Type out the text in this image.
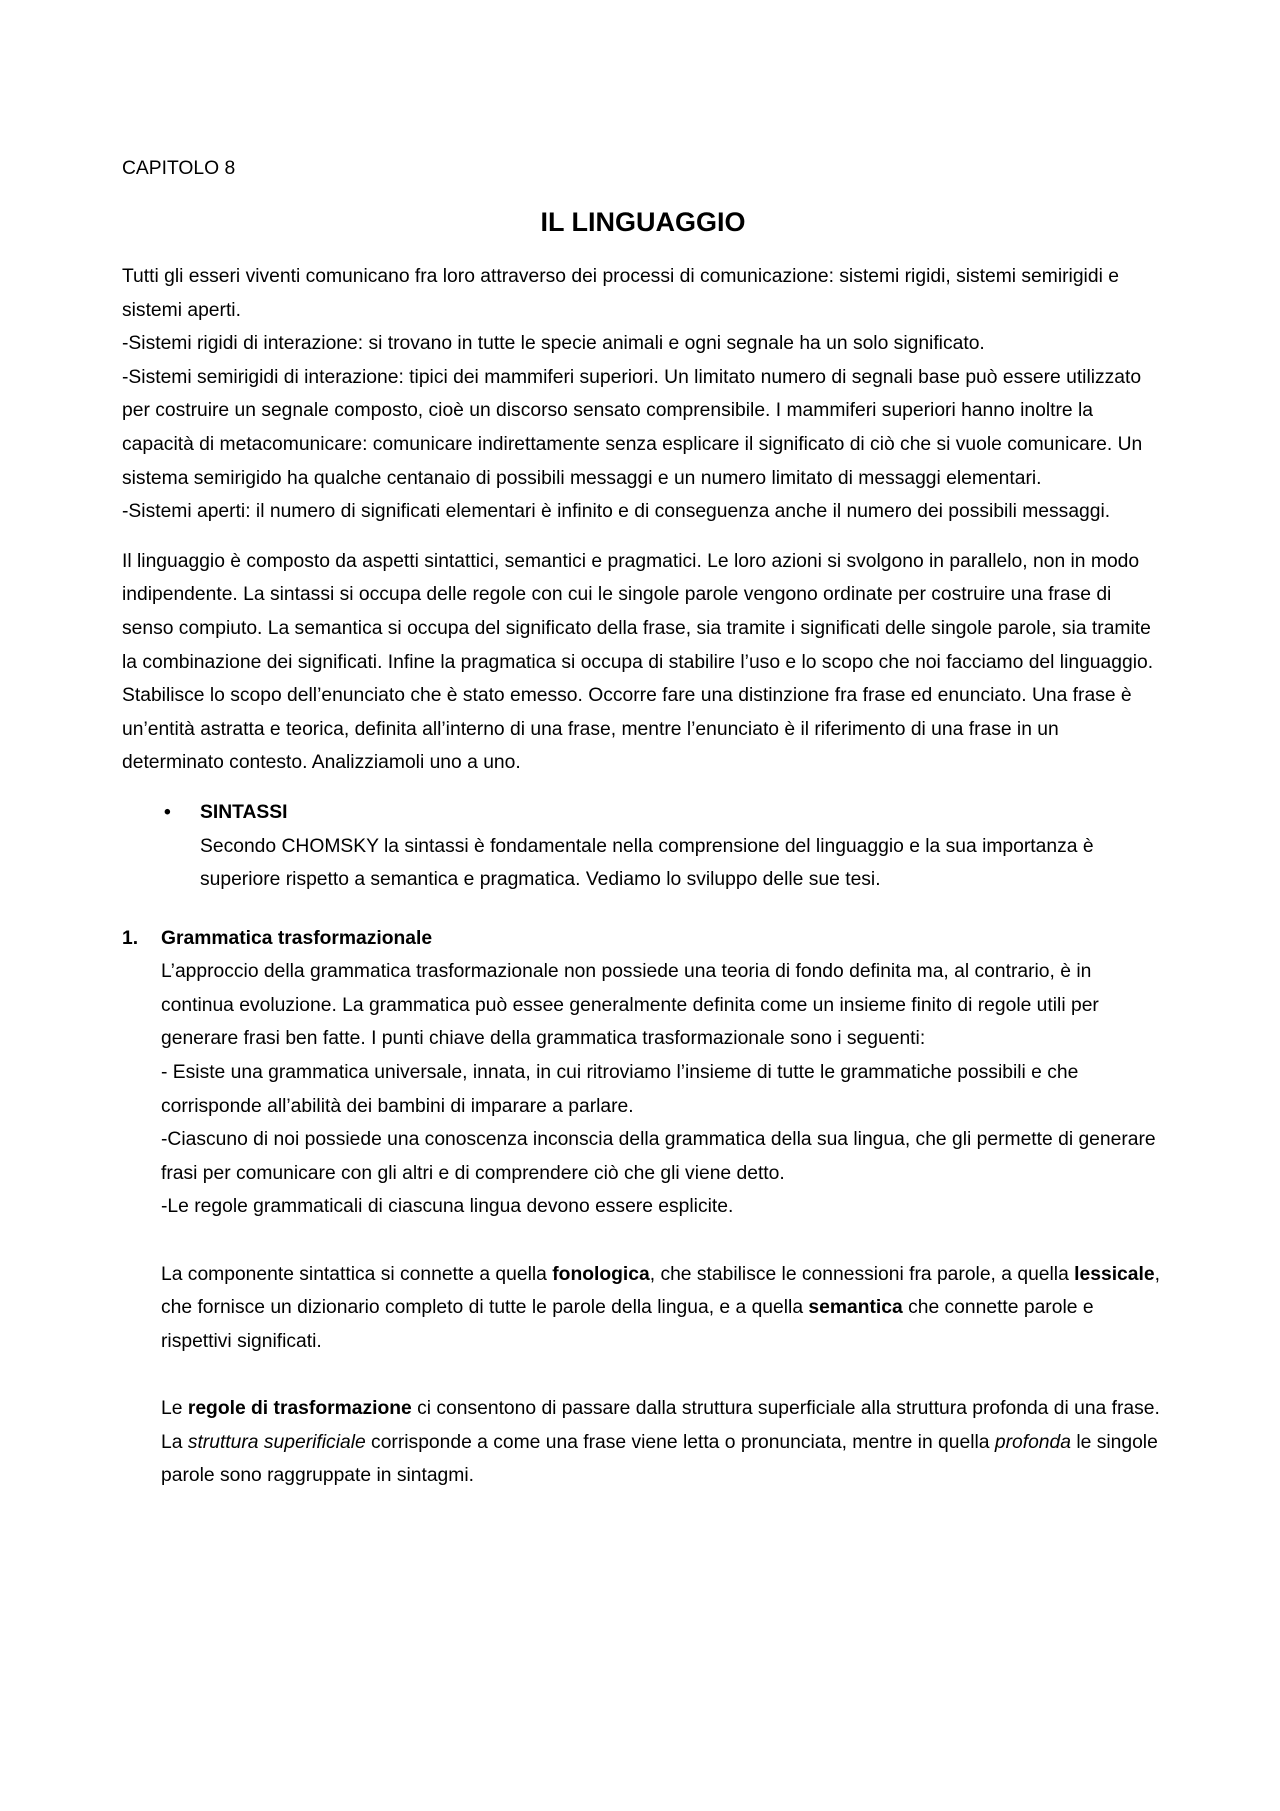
CAPITOLO 8

IL LINGUAGGIO

Tutti gli esseri viventi comunicano fra loro attraverso dei processi di comunicazione: sistemi rigidi, sistemi semirigidi e sistemi aperti.

-Sistemi rigidi di interazione: si trovano in tutte le specie animali e ogni segnale ha un solo significato.

-Sistemi semirigidi di interazione: tipici dei mammiferi superiori. Un limitato numero di segnali base può essere utilizzato per costruire un segnale composto, cioè un discorso sensato comprensibile. I mammiferi superiori hanno inoltre la capacità di metacomunicare: comunicare indirettamente senza esplicare il significato di ciò che si vuole comunicare. Un sistema semirigido ha qualche centanaio di possibili messaggi e un numero limitato di messaggi elementari.

-Sistemi aperti: il numero di significati elementari è infinito e di conseguenza anche il numero dei possibili messaggi.

Il linguaggio è composto da aspetti sintattici, semantici e pragmatici. Le loro azioni si svolgono in parallelo, non in modo indipendente. La sintassi si occupa delle regole con cui le singole parole vengono ordinate per costruire una frase di senso compiuto. La semantica si occupa del significato della frase, sia tramite i significati delle singole parole, sia tramite la combinazione dei significati. Infine la pragmatica si occupa di stabilire l’uso e lo scopo che noi facciamo del linguaggio. Stabilisce lo scopo dell’enunciato che è stato emesso. Occorre fare una distinzione fra frase ed enunciato. Una frase è un’entità astratta e teorica, definita all’interno di una frase, mentre l’enunciato è il riferimento di una frase in un determinato contesto. Analizziamoli uno a uno.

• SINTASSI

Secondo CHOMSKY la sintassi è fondamentale nella comprensione del linguaggio e la sua importanza è superiore rispetto a semantica e pragmatica. Vediamo lo sviluppo delle sue tesi.

1. Grammatica trasformazionale

L’approccio della grammatica trasformazionale non possiede una teoria di fondo definita ma, al contrario, è in continua evoluzione. La grammatica può essee generalmente definita come un insieme finito di regole utili per generare frasi ben fatte. I punti chiave della grammatica trasformazionale sono i seguenti:

- Esiste una grammatica universale, innata, in cui ritroviamo l’insieme di tutte le grammatiche possibili e che corrisponde all’abilità dei bambini di imparare a parlare.

-Ciascuno di noi possiede una conoscenza inconscia della grammatica della sua lingua, che gli permette di generare frasi per comunicare con gli altri e di comprendere ciò che gli viene detto.

-Le regole grammaticali di ciascuna lingua devono essere esplicite.

La componente sintattica si connette a quella fonologica, che stabilisce le connessioni fra parole, a quella lessicale, che fornisce un dizionario completo di tutte le parole della lingua, e a quella semantica che connette parole e rispettivi significati.

Le regole di trasformazione ci consentono di passare dalla struttura superficiale alla struttura profonda di una frase. La struttura superificiale corrisponde a come una frase viene letta o pronunciata, mentre in quella profonda le singole parole sono raggruppate in sintagmi.
